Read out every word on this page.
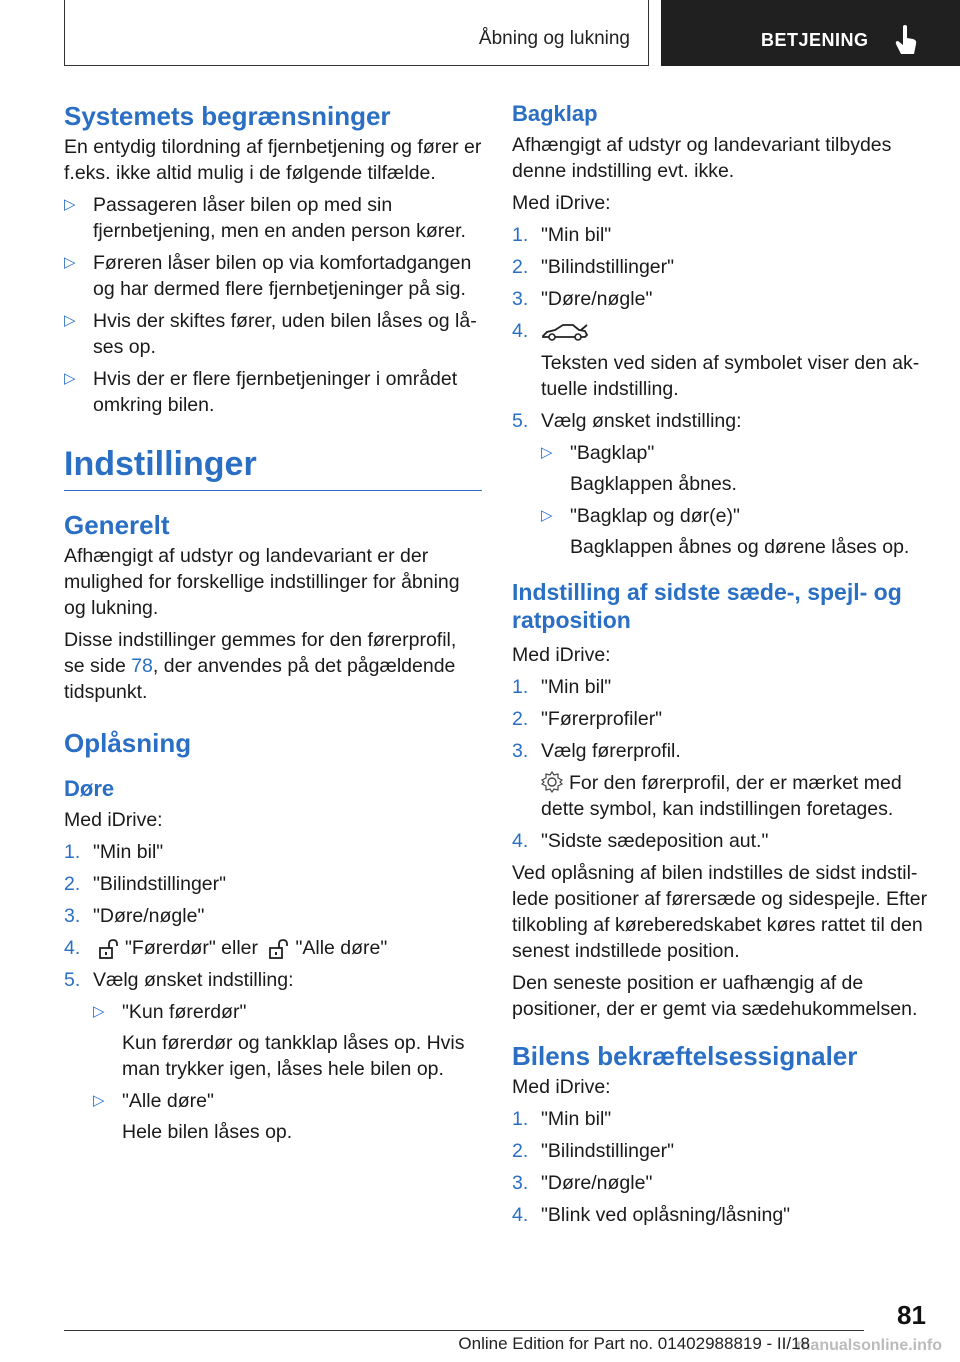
Åbning og lukning	BETJENING
Systemets begrænsninger

En entydig tilordning af fjernbetjening og fører er f.eks. ikke altid mulig i de følgende tilfælde.

▷ Passageren låser bilen op med sin fjernbetjening, men en anden person kører.
▷ Føreren låser bilen op via komfortadgangen og har dermed flere fjernbetjeninger på sig.
▷ Hvis der skiftes fører, uden bilen låses og låses op.
▷ Hvis der er flere fjernbetjeninger i området omkring bilen.
Indstillinger
Generelt

Afhængigt af udstyr og landevariant er der mulighed for forskellige indstillinger for åbning og lukning.

Disse indstillinger gemmes for den førerprofil, se side 78, der anvendes på det pågældende tidspunkt.

Oplåsning
Døre

Med iDrive:

1. "Min bil"
2. "Bilindstillinger"
3. "Døre/nøgle"
4. "Førerdør" eller "Alle døre"
5. Vælg ønsket indstilling:
▷ "Kun førerdør"
Kun førerdør og tankklap låses op. Hvis man trykker igen, låses hele bilen op.
▷ "Alle døre"
Hele bilen låses op.
Bagklap

Afhængigt af udstyr og landevariant tilbydes denne indstilling evt. ikke.

Med iDrive:

1. "Min bil"
2. "Bilindstillinger"
3. "Døre/nøgle"
4.
Teksten ved siden af symbolet viser den aktuelle indstilling.
5. Vælg ønsket indstilling:
▷ "Bagklap"
Bagklappen åbnes.
▷ "Bagklap og dør(e)"
Bagklappen åbnes og dørene låses op.
Indstilling af sidste sæde-, spejl- og ratposition

Med iDrive:

1. "Min bil"
2. "Førerprofiler"
3. Vælg førerprofil.
For den førerprofil, der er mærket med dette symbol, kan indstillingen foretages.
4. "Sidste sædeposition aut."

Ved oplåsning af bilen indstilles de sidst indstillede positioner af førersæde og sidespejle. Efter tilkobling af køreberedskabet køres rattet til den senest indstillede position.

Den seneste position er uafhængig af de positioner, der er gemt via sædehukommelsen.

Bilens bekræftelsessignaler

Med iDrive:

1. "Min bil"
2. "Bilindstillinger"
3. "Døre/nøgle"
4. "Blink ved oplåsning/låsning"
81
manualsonline.info
Online Edition for Part no. 01402988819 - II/18
